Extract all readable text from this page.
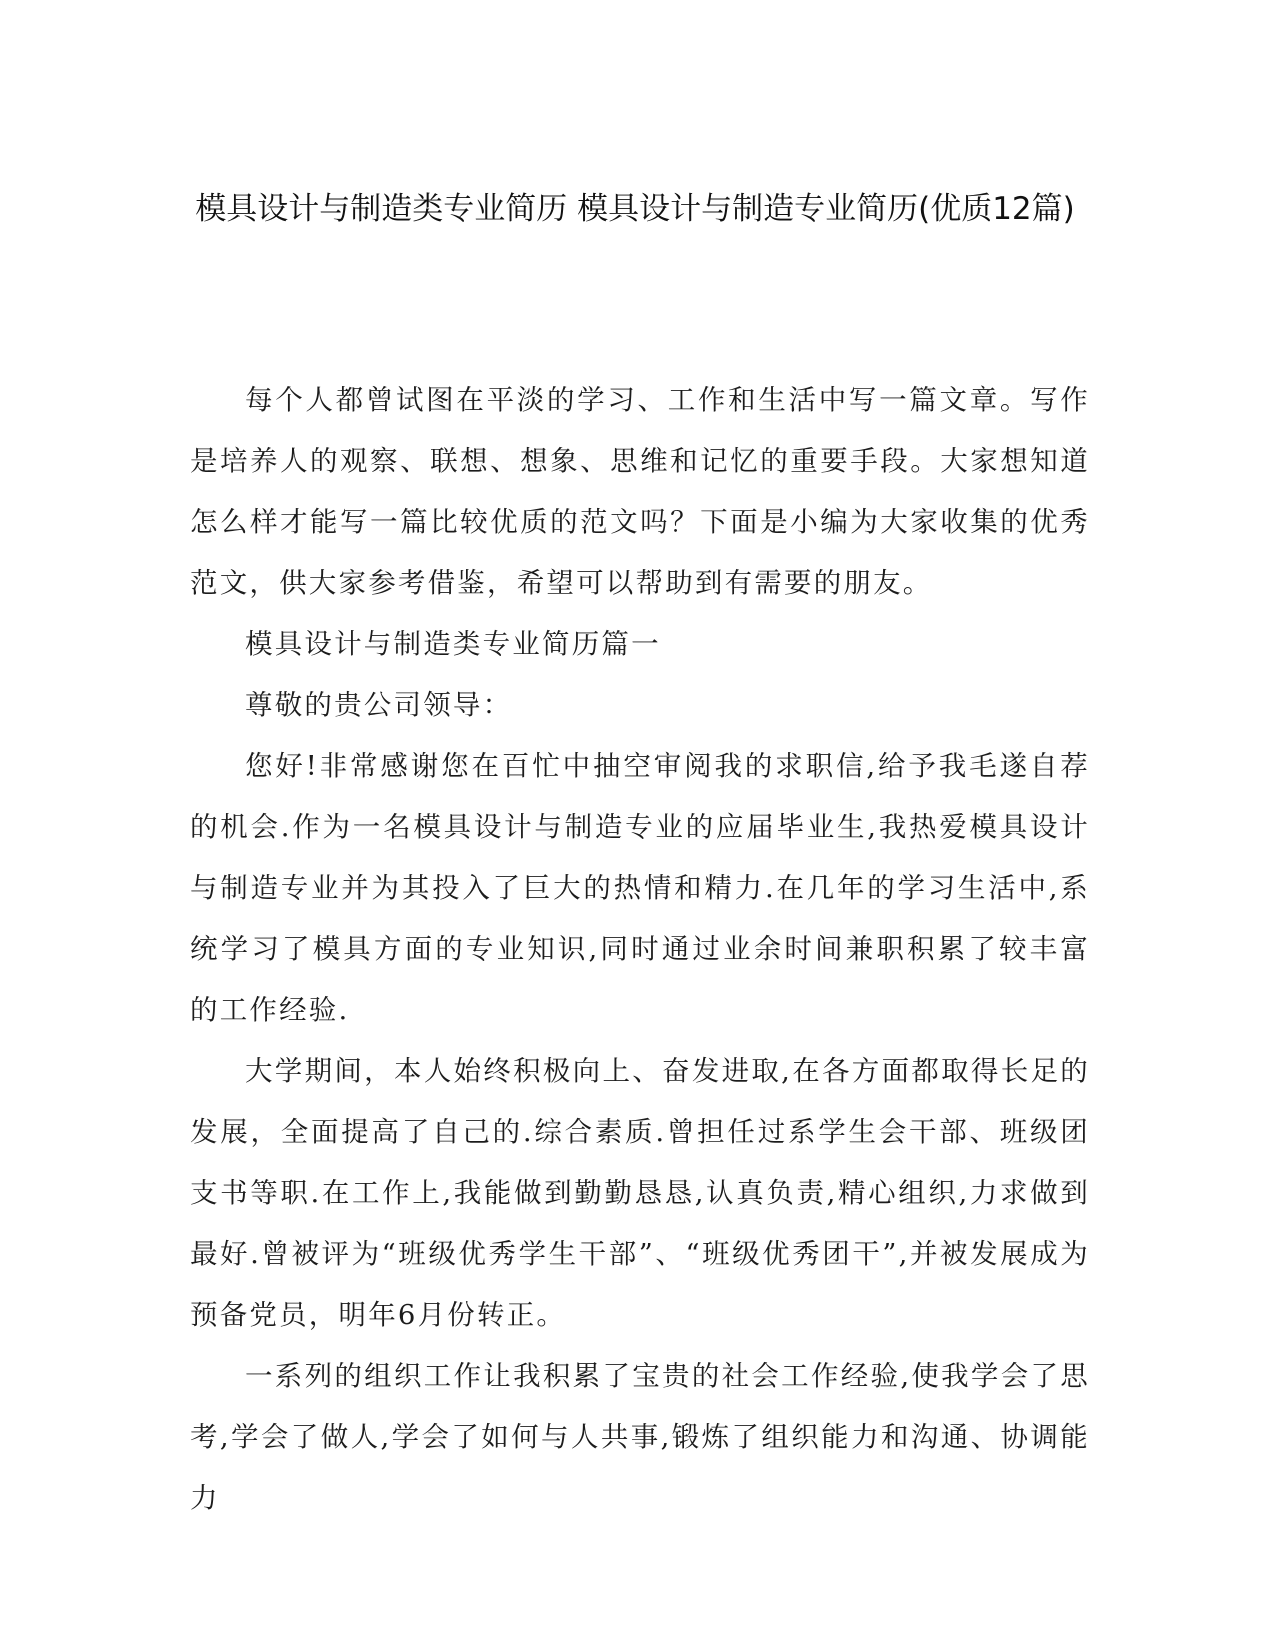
模具设计与制造类专业简历 模具设计与制造专业简历(优质12篇)

每个人都曾试图在平淡的学习、工作和生活中写一篇文章。写作是培养人的观察、联想、想象、思维和记忆的重要手段。大家想知道怎么样才能写一篇比较优质的范文吗？下面是小编为大家收集的优秀范文，供大家参考借鉴，希望可以帮助到有需要的朋友。

模具设计与制造类专业简历篇一

尊敬的贵公司领导：

您好!非常感谢您在百忙中抽空审阅我的求职信,给予我毛遂自荐的机会.作为一名模具设计与制造专业的应届毕业生,我热爱模具设计与制造专业并为其投入了巨大的热情和精力.在几年的学习生活中,系统学习了模具方面的专业知识,同时通过业余时间兼职积累了较丰富的工作经验.

大学期间，本人始终积极向上、奋发进取,在各方面都取得长足的发展，全面提高了自己的.综合素质.曾担任过系学生会干部、班级团支书等职.在工作上,我能做到勤勤恳恳,认真负责,精心组织,力求做到最好.曾被评为“班级优秀学生干部”、“班级优秀团干”,并被发展成为预备党员，明年6月份转正。

一系列的组织工作让我积累了宝贵的社会工作经验,使我学会了思考,学会了做人,学会了如何与人共事,锻炼了组织能力和沟通、协调能力
